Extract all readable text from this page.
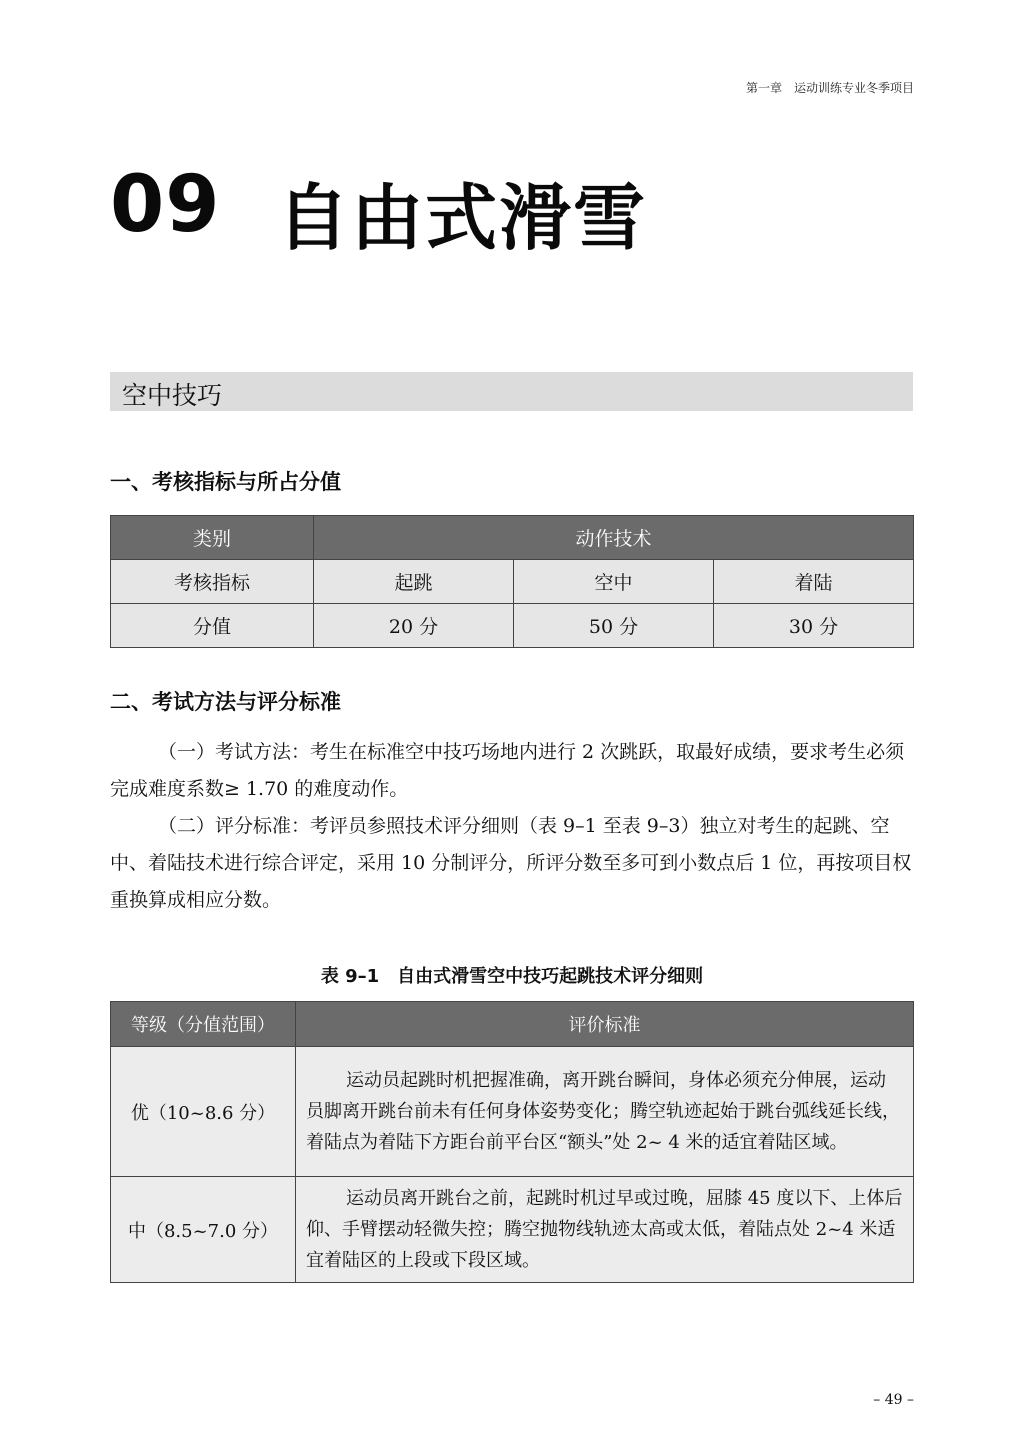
第一章　运动训练专业冬季项目
09 自由式滑雪
空中技巧
一、考核指标与所占分值
类别	动作技术		
考核指标	起跳	空中	着陆
分值	20 分	50 分	30 分
二、考试方法与评分标准

（一）考试方法：考生在标准空中技巧场地内进行 2 次跳跃，取最好成绩，要求考生必须完成难度系数≥ 1.70 的难度动作。

（二）评分标准：考评员参照技术评分细则（表 9–1 至表 9–3）独立对考生的起跳、空中、着陆技术进行综合评定，采用 10 分制评分，所评分数至多可到小数点后 1 位，再按项目权重换算成相应分数。

表 9–1　自由式滑雪空中技巧起跳技术评分细则
等级（分值范围）	评价标准
优（10~8.6 分）	运动员起跳时机把握准确，离开跳台瞬间，身体必须充分伸展，运动员脚离开跳台前未有任何身体姿势变化；腾空轨迹起始于跳台弧线延长线，着陆点为着陆下方距台前平台区“额头”处 2~ 4 米的适宜着陆区域。

中（8.5~7.0 分）	运动员离开跳台之前，起跳时机过早或过晚，屈膝 45 度以下、上体后仰、手臂摆动轻微失控；腾空抛物线轨迹太高或太低，着陆点处 2~4 米适宜着陆区的上段或下段区域。
– 49 –
